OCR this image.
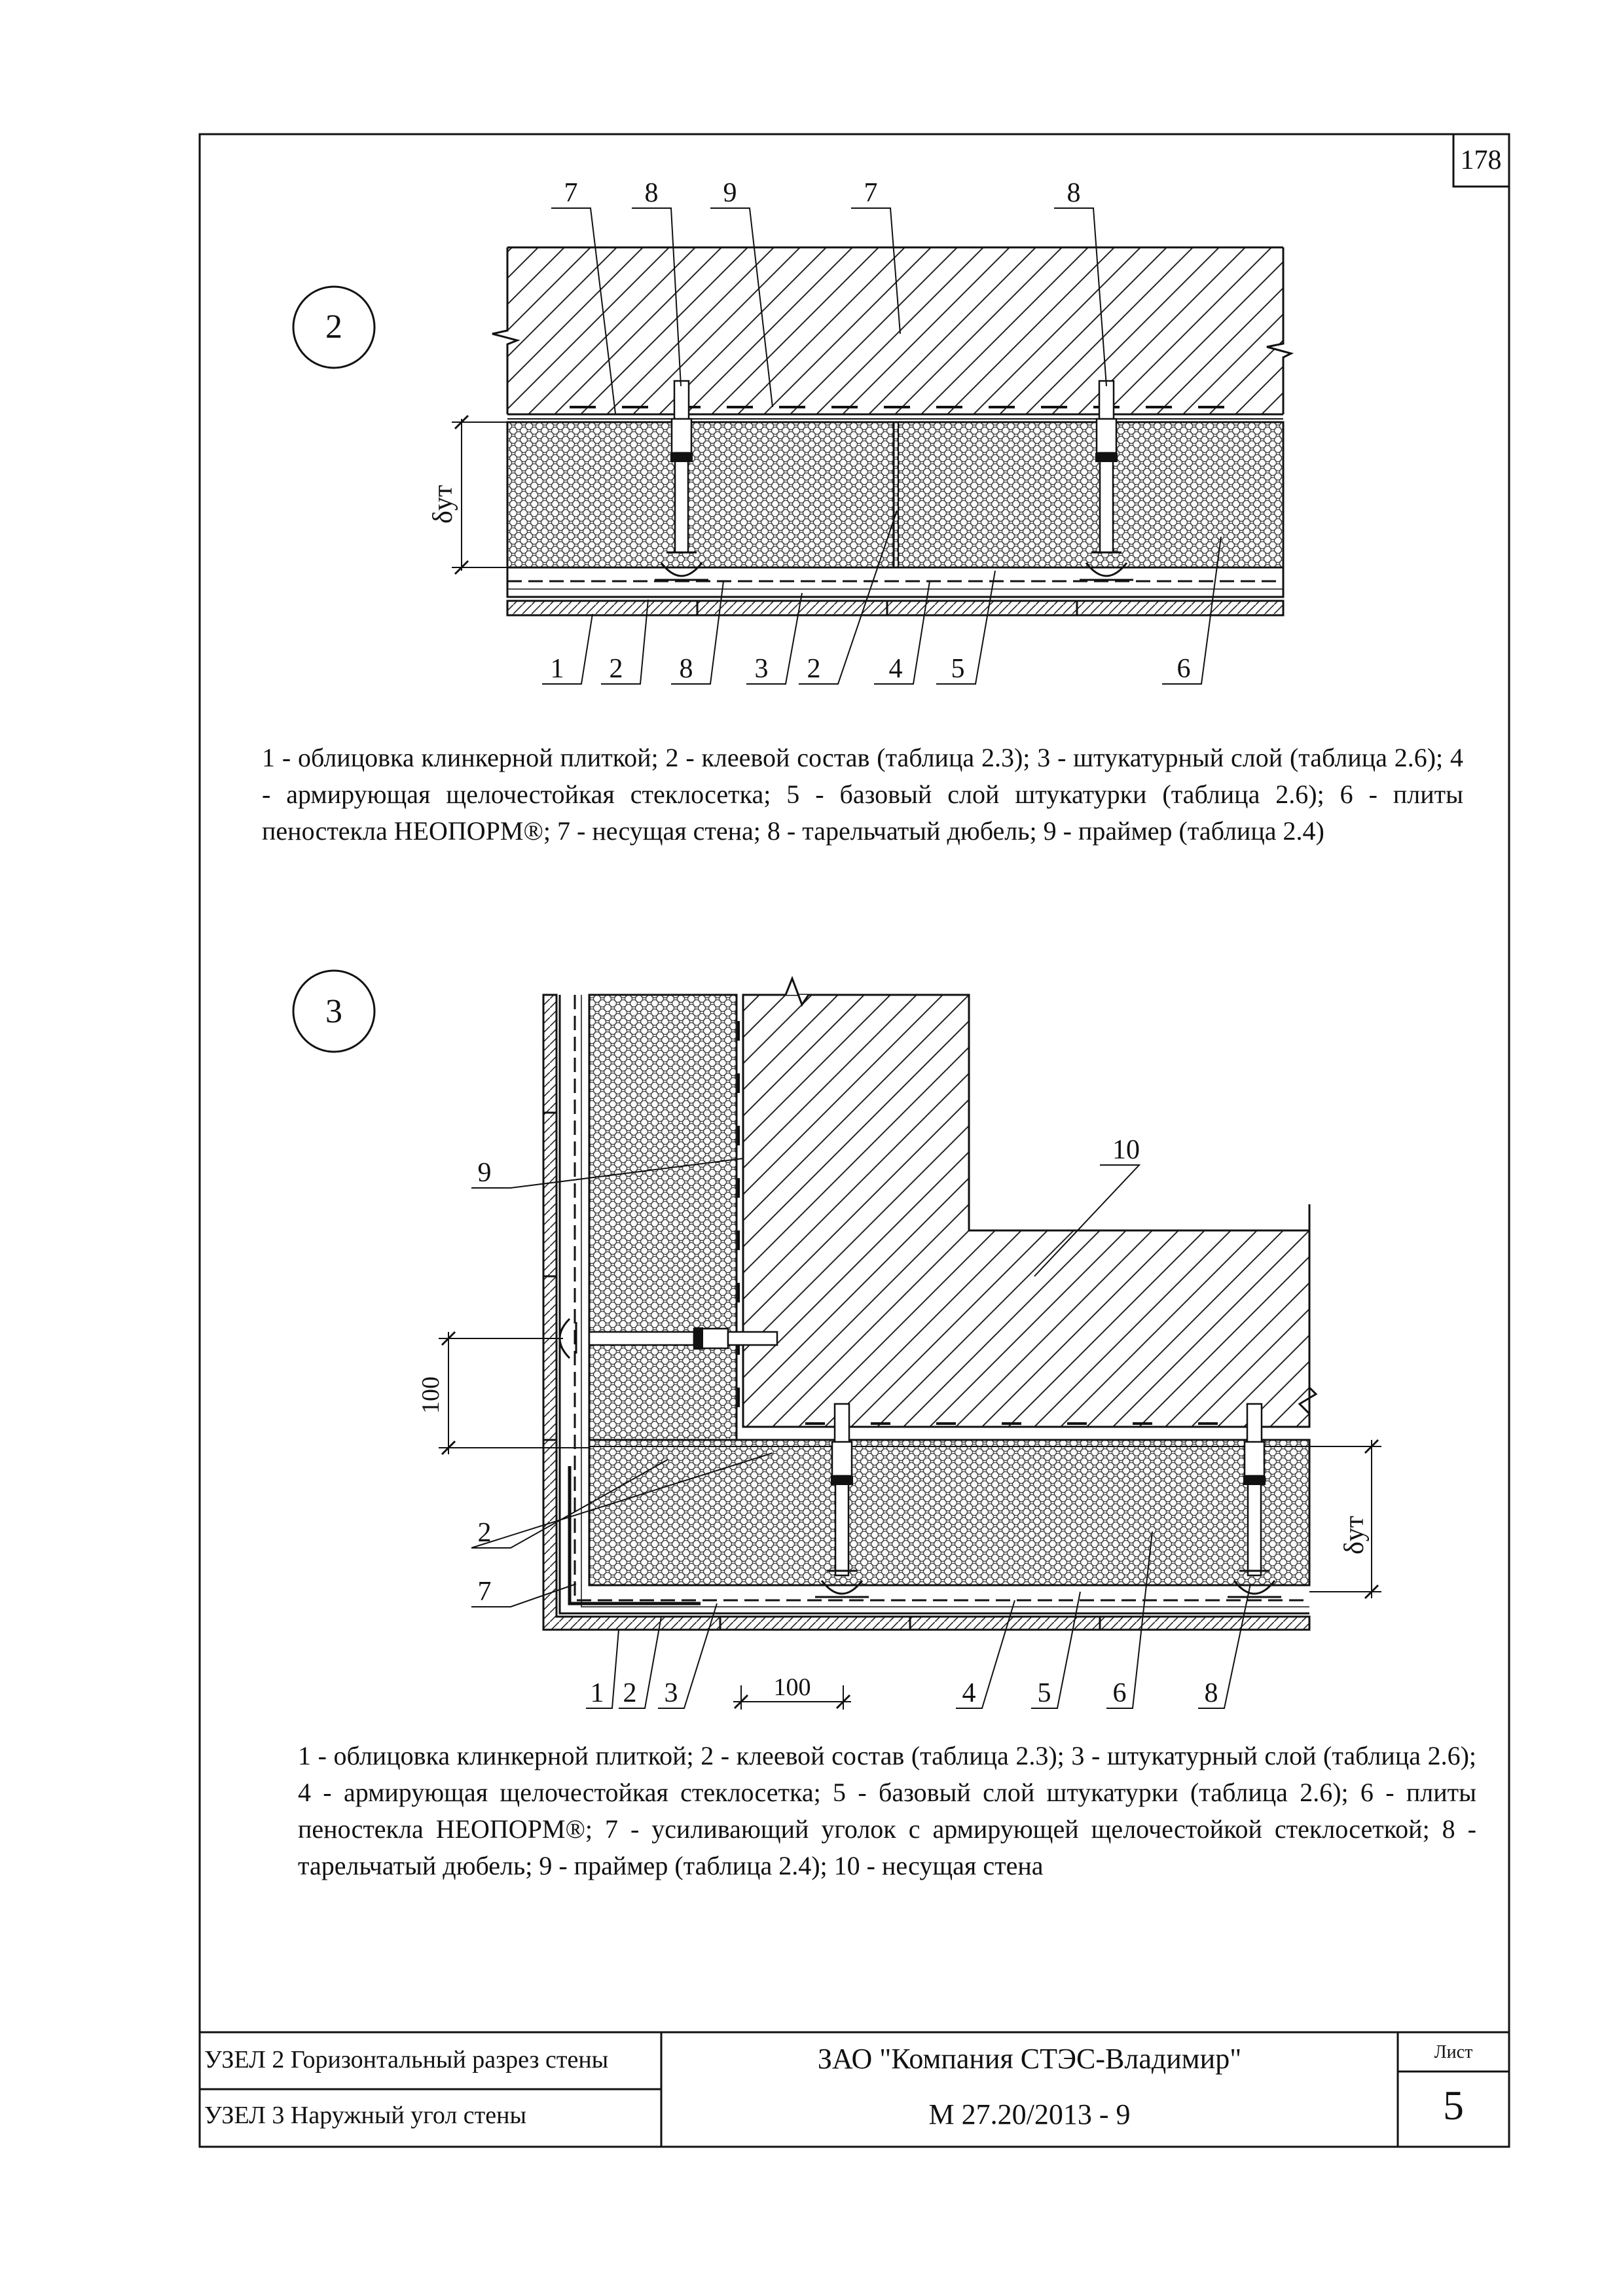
178
2
δут
7 8 9	7	8
1 2 8 3 2 4 5	6
3
100
δут
100
9
10
2
7
1 2 3	4 5 6	8

1 - облицовка клинкерной плиткой; 2 - клеевой состав (таблица 2.3); 3 - штукатурный слой (таблица 2.6); 4 - армирующая щелочестойкая стеклосетка; 5 - базовый слой штукатурки (таблица 2.6); 6 - плиты пеностекла НЕОПОРМ®; 7 - несущая стена; 8 - тарельчатый дюбель; 9 - праймер (таблица 2.4)

1 - облицовка клинкерной плиткой; 2 - клеевой состав (таблица 2.3); 3 - штукатурный слой (таблица 2.6); 4 - армирующая щелочестойкая стеклосетка; 5 - базовый слой штукатурки (таблица 2.6); 6 - плиты пеностекла НЕОПОРМ®; 7 - усиливающий уголок с армирующей щелочестойкой стеклосеткой; 8 - тарельчатый дюбель; 9 - праймер (таблица 2.4); 10 - несущая стена

УЗЕЛ 2 Горизонтальный разрез стены
УЗЕЛ 3 Наружный угол стены
ЗАО "Компания СТЭС-Владимир"
М 27.20/2013 - 9
Лист
5
